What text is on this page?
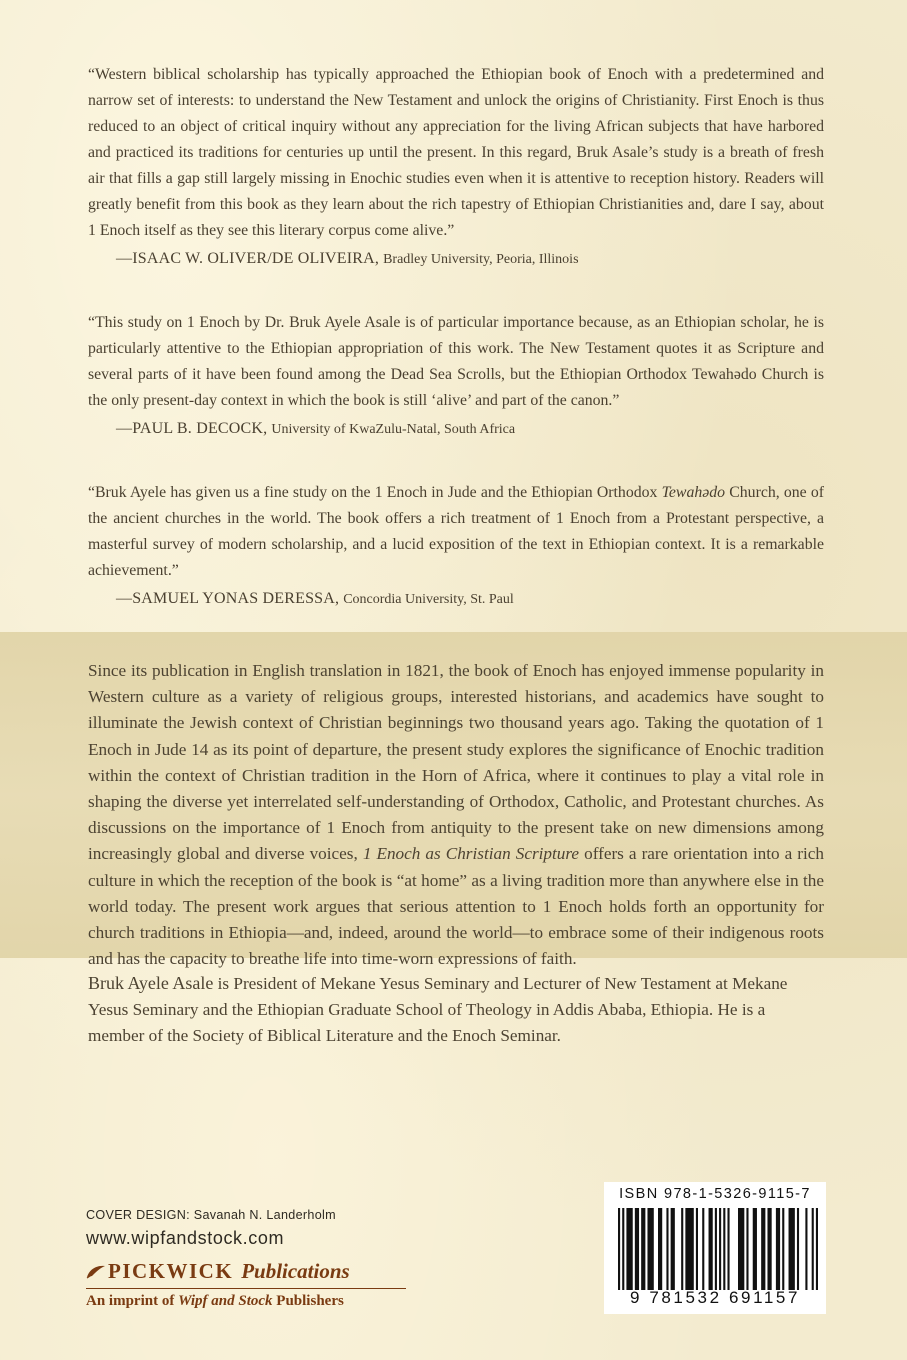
“Western biblical scholarship has typically approached the Ethiopian book of Enoch with a predetermined and narrow set of interests: to understand the New Testament and unlock the origins of Christianity. First Enoch is thus reduced to an object of critical inquiry without any appreciation for the living African subjects that have harbored and practiced its traditions for centuries up until the present. In this regard, Bruk Asale’s study is a breath of fresh air that fills a gap still largely missing in Enochic studies even when it is attentive to reception history. Readers will greatly benefit from this book as they learn about the rich tapestry of Ethiopian Christianities and, dare I say, about 1 Enoch itself as they see this literary corpus come alive.”

—ISAAC W. OLIVER/DE OLIVEIRA, Bradley University, Peoria, Illinois

“This study on 1 Enoch by Dr. Bruk Ayele Asale is of particular importance because, as an Ethiopian scholar, he is particularly attentive to the Ethiopian appropriation of this work. The New Testament quotes it as Scripture and several parts of it have been found among the Dead Sea Scrolls, but the Ethiopian Orthodox Tewahədo Church is the only present-day context in which the book is still ‘alive’ and part of the canon.”

—PAUL B. DECOCK, University of KwaZulu-Natal, South Africa

“Bruk Ayele has given us a fine study on the 1 Enoch in Jude and the Ethiopian Orthodox Tewahədo Church, one of the ancient churches in the world. The book offers a rich treatment of 1 Enoch from a Protestant perspective, a masterful survey of modern scholarship, and a lucid exposition of the text in Ethiopian context. It is a remarkable achievement.”

—SAMUEL YONAS DERESSA, Concordia University, St. Paul

Since its publication in English translation in 1821, the book of Enoch has enjoyed immense popularity in Western culture as a variety of religious groups, interested historians, and academics have sought to illuminate the Jewish context of Christian beginnings two thousand years ago. Taking the quotation of 1 Enoch in Jude 14 as its point of departure, the present study explores the significance of Enochic tradition within the context of Christian tradition in the Horn of Africa, where it continues to play a vital role in shaping the diverse yet interrelated self-understanding of Orthodox, Catholic, and Protestant churches. As discussions on the importance of 1 Enoch from antiquity to the present take on new dimensions among increasingly global and diverse voices, 1 Enoch as Christian Scripture offers a rare orientation into a rich culture in which the reception of the book is “at home” as a living tradition more than anywhere else in the world today. The present work argues that serious attention to 1 Enoch holds forth an opportunity for church traditions in Ethiopia—and, indeed, around the world—to embrace some of their indigenous roots and has the capacity to breathe life into time-worn expressions of faith.

Bruk Ayele Asale is President of Mekane Yesus Seminary and Lecturer of New Testament at Mekane Yesus Seminary and the Ethiopian Graduate School of Theology in Addis Ababa, Ethiopia. He is a member of the Society of Biblical Literature and the Enoch Seminar.

COVER DESIGN: Savanah N. Landerholm

www.wipfandstock.com

PICKWICK Publications

An imprint of Wipf and Stock Publishers

ISBN 978-1-5326-9115-7
9 781532 691157
